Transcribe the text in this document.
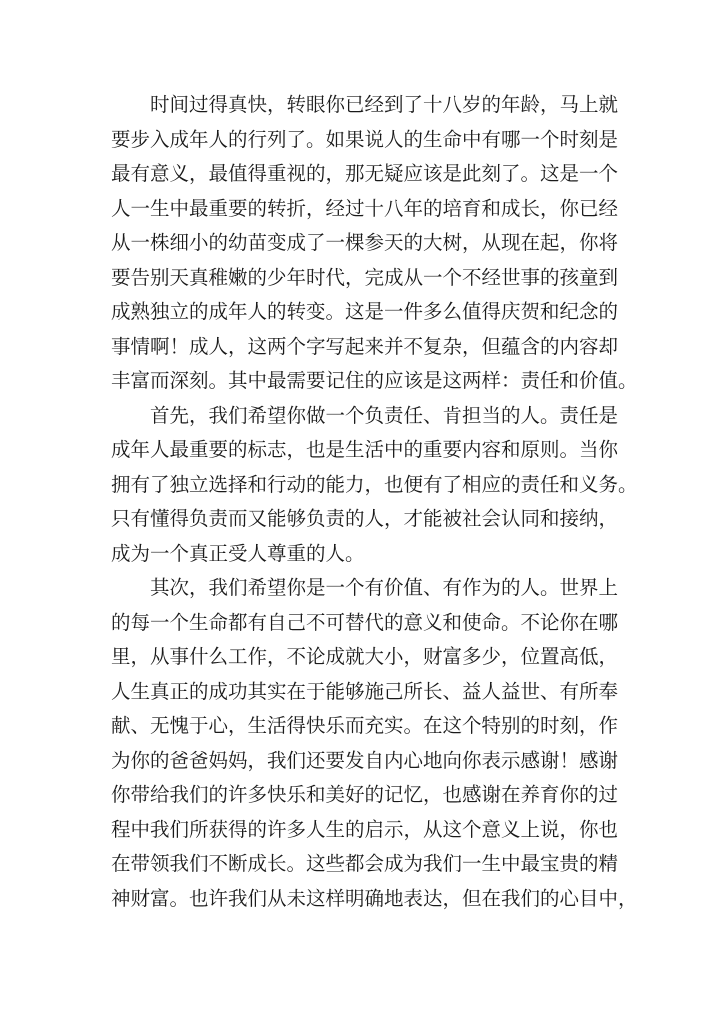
时间过得真快，转眼你已经到了十八岁的年龄，马上就
要步入成年人的行列了。如果说人的生命中有哪一个时刻是
最有意义，最值得重视的，那无疑应该是此刻了。这是一个
人一生中最重要的转折，经过十八年的培育和成长，你已经
从一株细小的幼苗变成了一棵参天的大树，从现在起，你将
要告别天真稚嫩的少年时代，完成从一个不经世事的孩童到
成熟独立的成年人的转变。这是一件多么值得庆贺和纪念的
事情啊！成人，这两个字写起来并不复杂，但蕴含的内容却
丰富而深刻。其中最需要记住的应该是这两样：责任和价值。
首先，我们希望你做一个负责任、肯担当的人。责任是
成年人最重要的标志，也是生活中的重要内容和原则。当你
拥有了独立选择和行动的能力，也便有了相应的责任和义务。
只有懂得负责而又能够负责的人，才能被社会认同和接纳，
成为一个真正受人尊重的人。
其次，我们希望你是一个有价值、有作为的人。世界上
的每一个生命都有自己不可替代的意义和使命。不论你在哪
里，从事什么工作，不论成就大小，财富多少，位置高低，
人生真正的成功其实在于能够施己所长、益人益世、有所奉
献、无愧于心，生活得快乐而充实。在这个特别的时刻，作
为你的爸爸妈妈，我们还要发自内心地向你表示感谢！感谢
你带给我们的许多快乐和美好的记忆，也感谢在养育你的过
程中我们所获得的许多人生的启示，从这个意义上说，你也
在带领我们不断成长。这些都会成为我们一生中最宝贵的精
神财富。也许我们从未这样明确地表达，但在我们的心目中，
